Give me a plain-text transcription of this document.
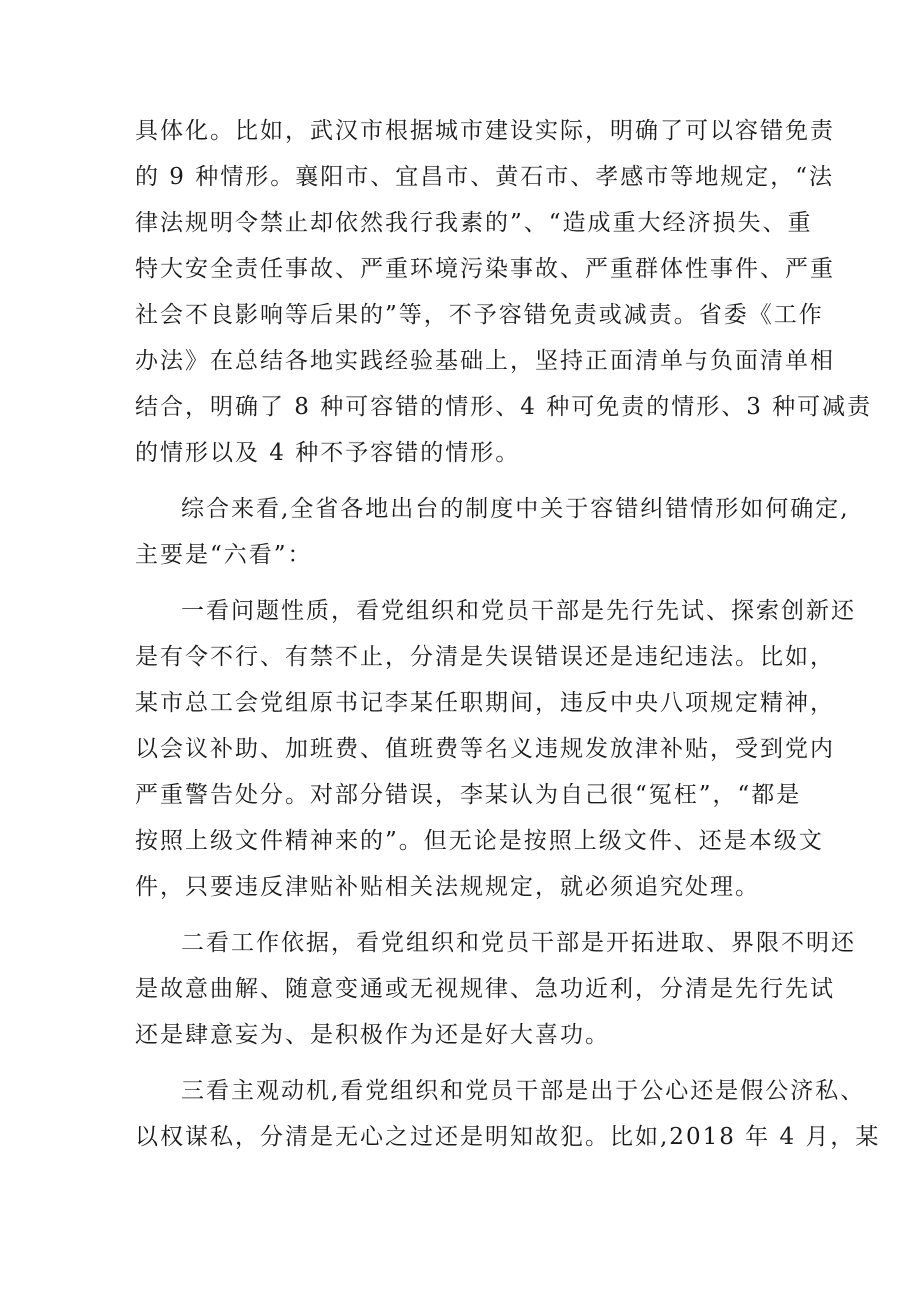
具体化。比如，武汉市根据城市建设实际，明确了可以容错免责
的 9 种情形。襄阳市、宜昌市、黄石市、孝感市等地规定，“法
律法规明令禁止却依然我行我素的”、“造成重大经济损失、重
特大安全责任事故、严重环境污染事故、严重群体性事件、严重
社会不良影响等后果的”等，不予容错免责或减责。省委《工作
办法》在总结各地实践经验基础上，坚持正面清单与负面清单相
结合，明确了 8 种可容错的情形、4 种可免责的情形、3 种可减责
的情形以及 4 种不予容错的情形。

综合来看,全省各地出台的制度中关于容错纠错情形如何确定,
主要是“六看”：

一看问题性质，看党组织和党员干部是先行先试、探索创新还
是有令不行、有禁不止，分清是失误错误还是违纪违法。比如，
某市总工会党组原书记李某任职期间，违反中央八项规定精神，
以会议补助、加班费、值班费等名义违规发放津补贴，受到党内
严重警告处分。对部分错误，李某认为自己很“冤枉”，“都是
按照上级文件精神来的”。但无论是按照上级文件、还是本级文
件，只要违反津贴补贴相关法规规定，就必须追究处理。

二看工作依据，看党组织和党员干部是开拓进取、界限不明还
是故意曲解、随意变通或无视规律、急功近利，分清是先行先试
还是肆意妄为、是积极作为还是好大喜功。

三看主观动机,看党组织和党员干部是出于公心还是假公济私、
以权谋私，分清是无心之过还是明知故犯。比如,2018 年 4 月，某
